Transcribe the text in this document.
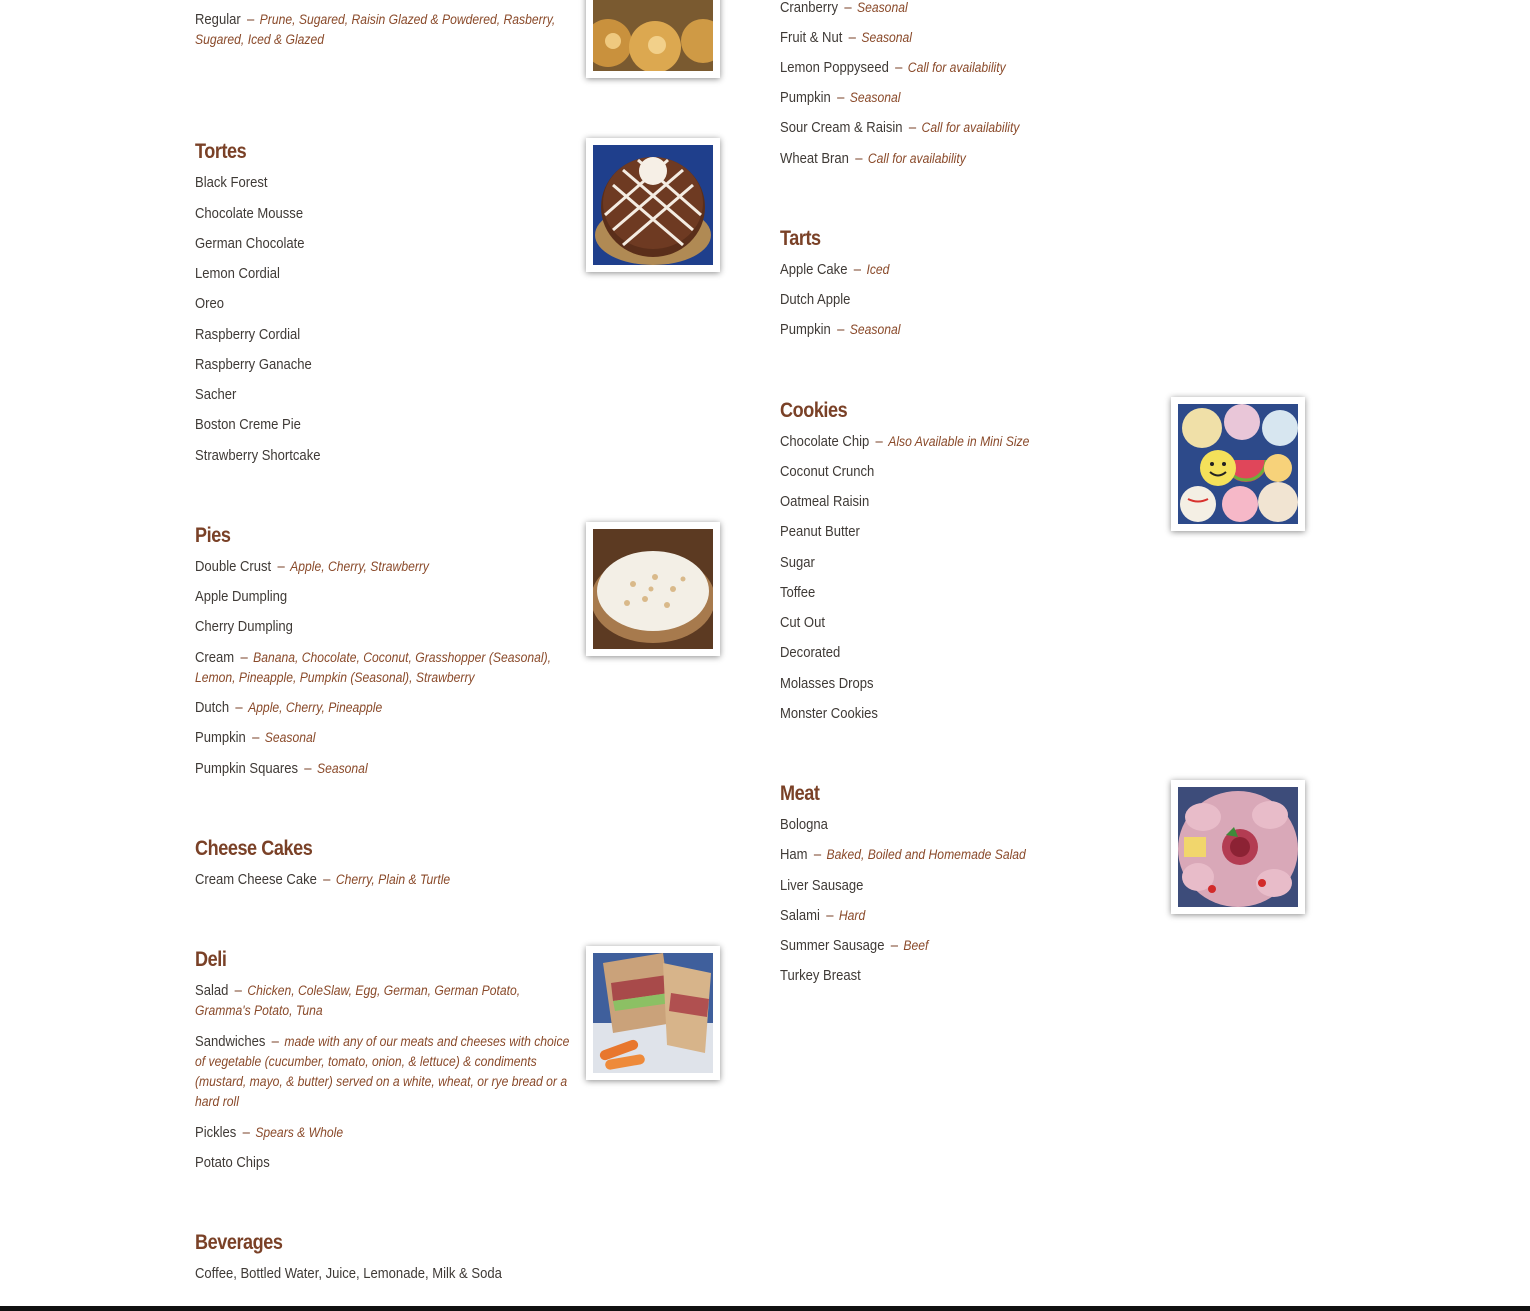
Regular – Prune, Sugared, Raisin Glazed & Powdered, Rasberry, Sugared, Iced & Glazed
Tortes
Black Forest
Chocolate Mousse
German Chocolate
Lemon Cordial
Oreo
Raspberry Cordial
Raspberry Ganache
Sacher
Boston Creme Pie
Strawberry Shortcake
Pies
Double Crust – Apple, Cherry, Strawberry
Apple Dumpling
Cherry Dumpling
Cream – Banana, Chocolate, Coconut, Grasshopper (Seasonal), Lemon, Pineapple, Pumpkin (Seasonal), Strawberry
Dutch – Apple, Cherry, Pineapple
Pumpkin – Seasonal
Pumpkin Squares – Seasonal
Cheese Cakes
Cream Cheese Cake – Cherry, Plain & Turtle
Deli
Salad – Chicken, ColeSlaw, Egg, German, German Potato, Gramma's Potato, Tuna
Sandwiches – made with any of our meats and cheeses with choice of vegetable (cucumber, tomato, onion, & lettuce) & condiments (mustard, mayo, & butter) served on a white, wheat, or rye bread or a hard roll
Pickles – Spears & Whole
Potato Chips
Beverages
Coffee, Bottled Water, Juice, Lemonade, Milk & Soda
Cranberry – Seasonal
Fruit & Nut – Seasonal
Lemon Poppyseed – Call for availability
Pumpkin – Seasonal
Sour Cream & Raisin – Call for availability
Wheat Bran – Call for availability
Tarts
Apple Cake – Iced
Dutch Apple
Pumpkin – Seasonal
Cookies
Chocolate Chip – Also Available in Mini Size
Coconut Crunch
Oatmeal Raisin
Peanut Butter
Sugar
Toffee
Cut Out
Decorated
Molasses Drops
Monster Cookies
Meat
Bologna
Ham – Baked, Boiled and Homemade Salad
Liver Sausage
Salami – Hard
Summer Sausage – Beef
Turkey Breast
